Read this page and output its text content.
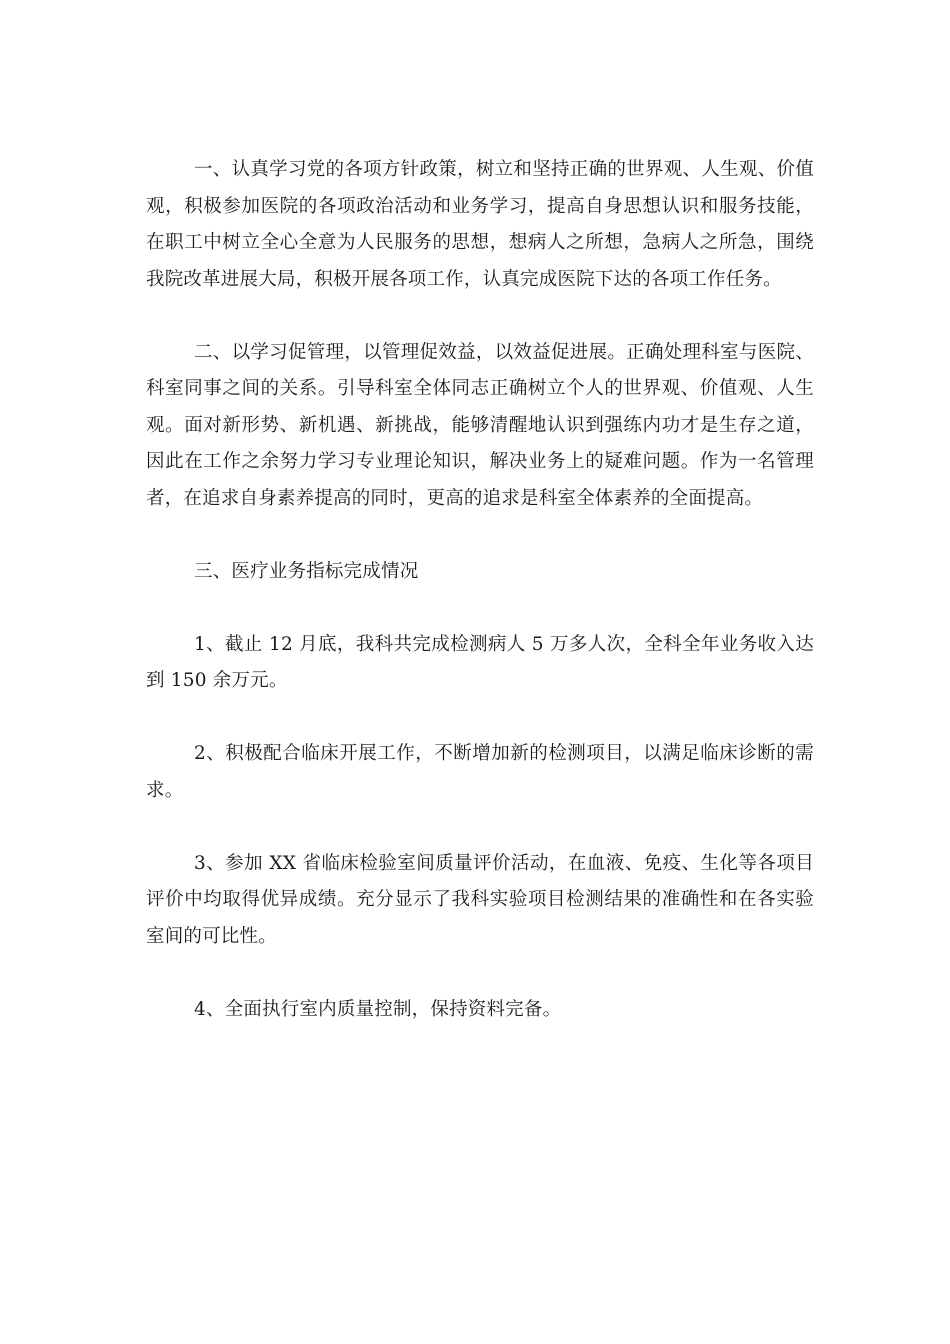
一、认真学习党的各项方针政策，树立和坚持正确的世界观、人生观、价值观，积极参加医院的各项政治活动和业务学习，提高自身思想认识和服务技能，在职工中树立全心全意为人民服务的思想，想病人之所想，急病人之所急，围绕我院改革进展大局，积极开展各项工作，认真完成医院下达的各项工作任务。

二、以学习促管理，以管理促效益，以效益促进展。正确处理科室与医院、科室同事之间的关系。引导科室全体同志正确树立个人的世界观、价值观、人生观。面对新形势、新机遇、新挑战，能够清醒地认识到强练内功才是生存之道，因此在工作之余努力学习专业理论知识，解决业务上的疑难问题。作为一名管理者，在追求自身素养提高的同时，更高的追求是科室全体素养的全面提高。

三、医疗业务指标完成情况

1、截止 12 月底，我科共完成检测病人 5 万多人次，全科全年业务收入达到 150 余万元。

2、积极配合临床开展工作，不断增加新的检测项目，以满足临床诊断的需求。

3、参加 XX 省临床检验室间质量评价活动，在血液、免疫、生化等各项目评价中均取得优异成绩。充分显示了我科实验项目检测结果的准确性和在各实验室间的可比性。

4、全面执行室内质量控制，保持资料完备。
